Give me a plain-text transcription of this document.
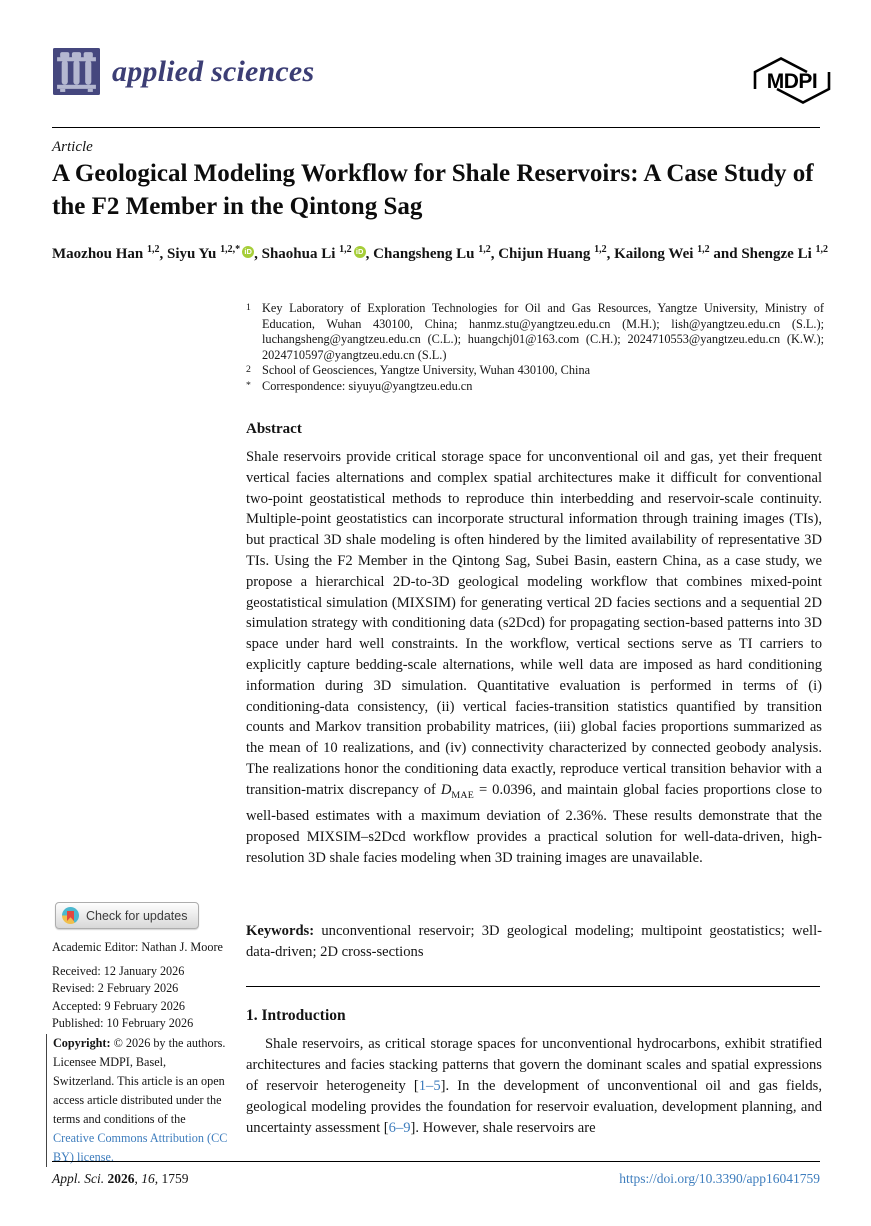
applied sciences	MDPI
Article
A Geological Modeling Workflow for Shale Reservoirs: A Case Study of the F2 Member in the Qintong Sag
Maozhou Han $^{1,2}$, Siyu Yu $^{1,2,*}$ iD , Shaohua Li $^{1,2}$ iD , Changsheng Lu $^{1,2}$, Chijun Huang $^{1,2}$, Kailong Wei $^{1,2}$ and Shengze Li $^{1,2}$
1 Key Laboratory of Exploration Technologies for Oil and Gas Resources, Yangtze University, Ministry of Education, Wuhan 430100, China; hanmz.stu@yangtzeu.edu.cn (M.H.); lish@yangtzeu.edu.cn (S.L.); luchangsheng@yangtzeu.edu.cn (C.L.); huangchj01@163.com (C.H.); 2024710553@yangtzeu.edu.cn (K.W.); 2024710597@yangtzeu.edu.cn (S.L.)
2 School of Geosciences, Yangtze University, Wuhan 430100, China
* Correspondence: siyuyu@yangtzeu.edu.cn
Abstract

Shale reservoirs provide critical storage space for unconventional oil and gas, yet their frequent vertical facies alternations and complex spatial architectures make it difficult for conventional two-point geostatistical methods to reproduce thin interbedding and reservoir-scale continuity. Multiple-point geostatistics can incorporate structural information through training images (TIs), but practical 3D shale modeling is often hindered by the limited availability of representative 3D TIs. Using the F2 Member in the Qintong Sag, Subei Basin, eastern China, as a case study, we propose a hierarchical 2D-to-3D geological modeling workflow that combines mixed-point geostatistical simulation (MIXSIM) for generating vertical 2D facies sections and a sequential 2D simulation strategy with conditioning data (s2Dcd) for propagating section-based patterns into 3D space under hard well constraints. In the workflow, vertical sections serve as TI carriers to explicitly capture bedding-scale alternations, while well data are imposed as hard conditioning information during 3D simulation. Quantitative evaluation is performed in terms of (i) conditioning-data consistency, (ii) vertical facies-transition statistics quantified by transition counts and Markov transition probability matrices, (iii) global facies proportions summarized as the mean of 10 realizations, and (iv) connectivity characterized by connected geobody analysis. The realizations honor the conditioning data exactly, reproduce vertical transition behavior with a transition-matrix discrepancy of $D_{MAE} = 0.0396$, and maintain global facies proportions close to well-based estimates with a maximum deviation of 2.36%. These results demonstrate that the proposed MIXSIM–s2Dcd workflow provides a practical solution for well-data-driven, high-resolution 3D shale facies modeling when 3D training images are unavailable.

Keywords: unconventional reservoir; 3D geological modeling; multipoint geostatistics; well-data-driven; 2D cross-sections

1. Introduction

Shale reservoirs, as critical storage spaces for unconventional hydrocarbons, exhibit stratified architectures and facies stacking patterns that govern the dominant scales and spatial expressions of reservoir heterogeneity [1–5]. In the development of unconventional oil and gas fields, geological modeling provides the foundation for reservoir evaluation, development planning, and uncertainty assessment [6–9]. However, shale reservoirs are

Check for updates
Academic Editor: Nathan J. Moore
Received: 12 January 2026
Revised: 2 February 2026
Accepted: 9 February 2026
Published: 10 February 2026
Copyright: © 2026 by the authors. Licensee MDPI, Basel, Switzerland. This article is an open access article distributed under the terms and conditions of the Creative Commons Attribution (CC BY) license.
Appl. Sci. 2026, 16, 1759	https://doi.org/10.3390/app16041759
